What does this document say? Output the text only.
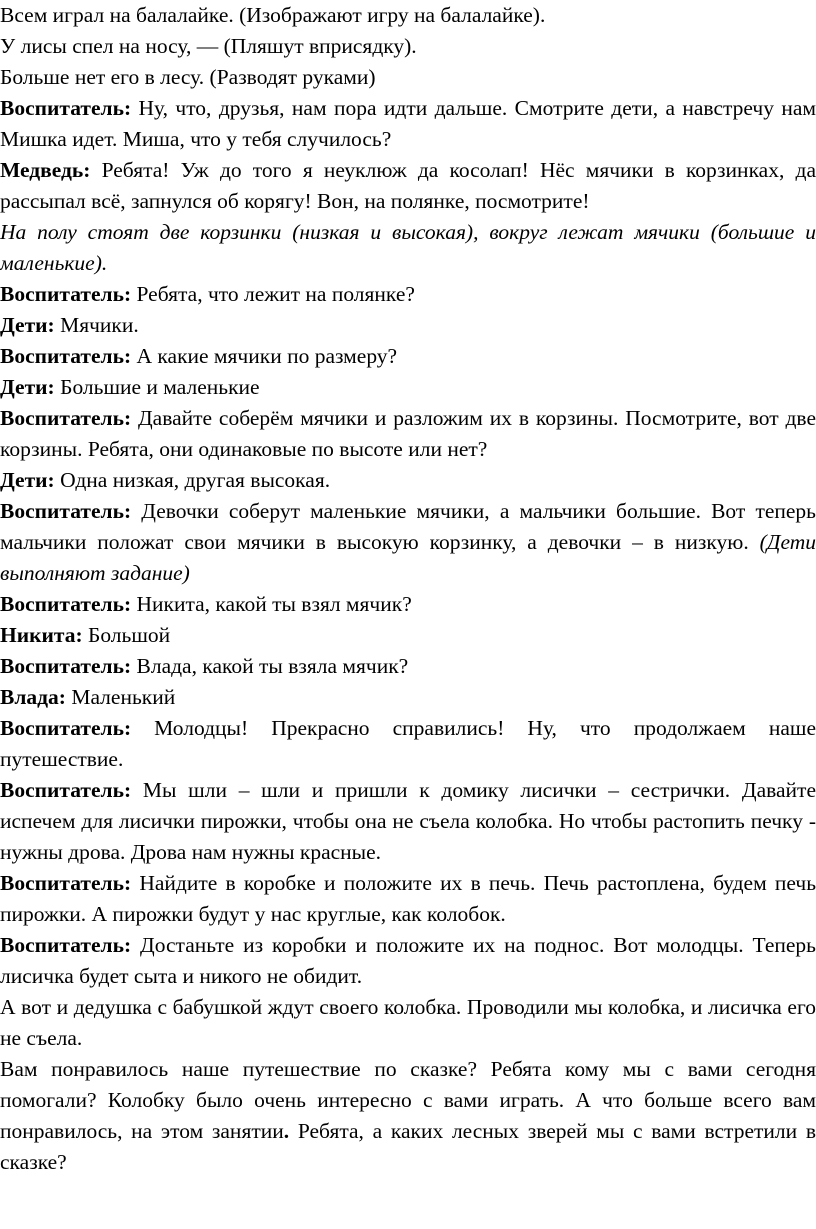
Всем играл на балалайке. (Изображают игру на балалайке).

У лисы спел на носу, — (Пляшут вприсядку).

Больше нет его в лесу. (Разводят руками)

Воспитатель: Ну, что, друзья, нам пора идти дальше. Смотрите дети, а навстречу нам Мишка идет. Миша, что у тебя случилось?

Медведь: Ребята! Уж до того я неуклюж да косолап! Нёс мячики в корзинках, да рассыпал всё, запнулся об корягу! Вон, на полянке, посмотрите!

На полу стоят две корзинки (низкая и высокая), вокруг лежат мячики (большие и маленькие).

Воспитатель: Ребята, что лежит на полянке?

Дети: Мячики.

Воспитатель: А какие мячики по размеру?

Дети: Большие и маленькие

Воспитатель: Давайте соберём мячики и разложим их в корзины. Посмотрите, вот две корзины. Ребята, они одинаковые по высоте или нет?

Дети: Одна низкая, другая высокая.

Воспитатель: Девочки соберут маленькие мячики, а мальчики большие. Вот теперь мальчики положат свои мячики в высокую корзинку, а девочки – в низкую. (Дети выполняют задание)

Воспитатель: Никита, какой ты взял мячик?

Никита: Большой

Воспитатель: Влада, какой ты взяла мячик?

Влада: Маленький

Воспитатель: Молодцы! Прекрасно справились! Ну, что продолжаем наше путешествие.

Воспитатель: Мы шли – шли и пришли к домику лисички – сестрички. Давайте испечем для лисички пирожки, чтобы она не съела колобка. Но чтобы растопить печку - нужны дрова. Дрова нам нужны красные.

Воспитатель: Найдите в коробке и положите их в печь. Печь растоплена, будем печь пирожки. А пирожки будут у нас круглые, как колобок.

Воспитатель: Достаньте из коробки и положите их на поднос. Вот молодцы. Теперь лисичка будет сыта и никого не обидит.

А вот и дедушка с бабушкой ждут своего колобка. Проводили мы колобка, и лисичка его не съела.

Вам понравилось наше путешествие по сказке? Ребята кому мы с вами сегодня помогали? Колобку было очень интересно с вами играть. А что больше всего вам понравилось, на этом занятии. Ребята, а каких лесных зверей мы с вами встретили в сказке?
